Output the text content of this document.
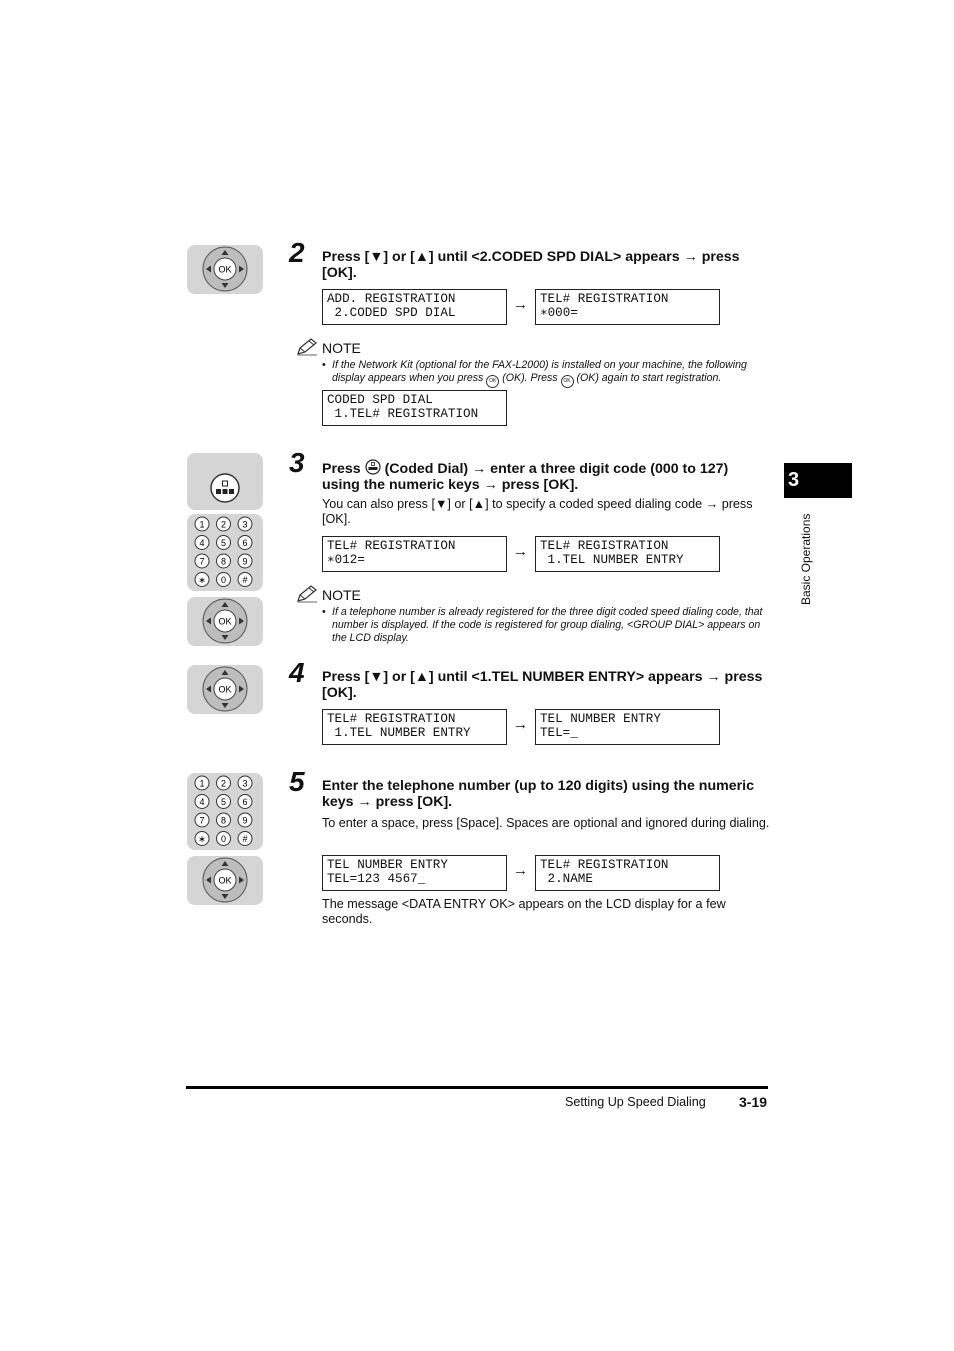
OK
2 Press [▼] or [▲] until <2.CODED SPD DIAL> appears → press [OK].
ADD. REGISTRATION
2.CODED SPD DIAL	→ TEL# REGISTRATION
∗000=
NOTE
• If the Network Kit (optional for the FAX-L2000) is installed on your machine, the following display appears when you press OK (OK). Press OK (OK) again to start registration.
CODED SPD DIAL
1.TEL# REGISTRATION
1 2 3
4 5 6
7 8 9
∗ 0 #
OK
3 Press (Coded Dial) → enter a three digit code (000 to 127) using the numeric keys → press [OK].
You can also press [▼] or [▲] to specify a coded speed dialing code → press [OK].
TEL# REGISTRATION
∗012=	→ TEL# REGISTRATION
1.TEL NUMBER ENTRY
NOTE
• If a telephone number is already registered for the three digit coded speed dialing code, that number is displayed. If the code is registered for group dialing, <GROUP DIAL> appears on the LCD display.
OK
4 Press [▼] or [▲] until <1.TEL NUMBER ENTRY> appears → press [OK].
TEL# REGISTRATION
1.TEL NUMBER ENTRY	→ TEL NUMBER ENTRY
TEL=_
1 2 3
4 5 6
7 8 9
∗ 0 #
OK
5 Enter the telephone number (up to 120 digits) using the numeric keys → press [OK].
To enter a space, press [Space]. Spaces are optional and ignored during dialing.
TEL NUMBER ENTRY
TEL=123 4567_	→ TEL# REGISTRATION
2.NAME
The message <DATA ENTRY OK> appears on the LCD display for a few seconds.
3
Basic Operations
Setting Up Speed Dialing 3-19
